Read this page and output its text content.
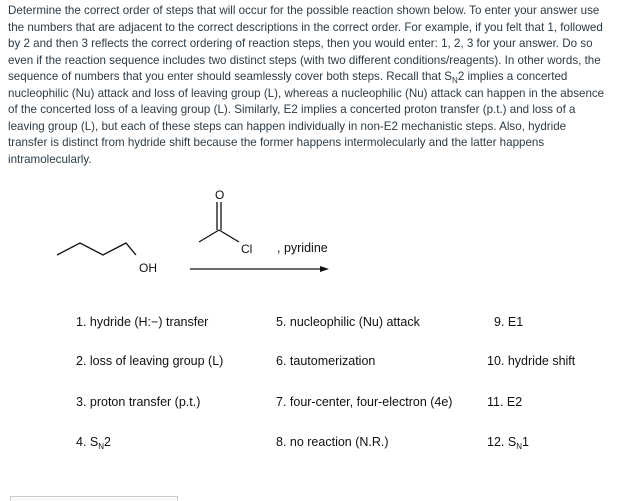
Determine the correct order of steps that will occur for the possible reaction shown below. To enter your answer use the numbers that are adjacent to the correct descriptions in the correct order. For example, if you felt that 1, followed by 2 and then 3 reflects the correct ordering of reaction steps, then you would enter: 1, 2, 3 for your answer. Do so even if the reaction sequence includes two distinct steps (with two different conditions/reagents). In other words, the sequence of numbers that you enter should seamlessly cover both steps. Recall that $S_N2$ implies a concerted nucleophilic (Nu) attack and loss of leaving group (L), whereas a nucleophilic (Nu) attack can happen in the absence of the concerted loss of a leaving group (L). Similarly, E2 implies a concerted proton transfer (p.t.) and loss of a leaving group (L), but each of these steps can happen individually in non-E2 mechanistic steps. Also, hydride transfer is distinct from hydride shift because the former happens intermolecularly and the latter happens intramolecularly.

OH
O
Cl , pyridine
1. hydride (H:−) transfer
2. loss of leaving group (L)
3. proton transfer (p.t.)
4. $S_N2$
5. nucleophilic (Nu) attack
6. tautomerization
7. four-center, four-electron (4e)
8. no reaction (N.R.)
9. E1
10. hydride shift
11. E2
12. $S_N1$
